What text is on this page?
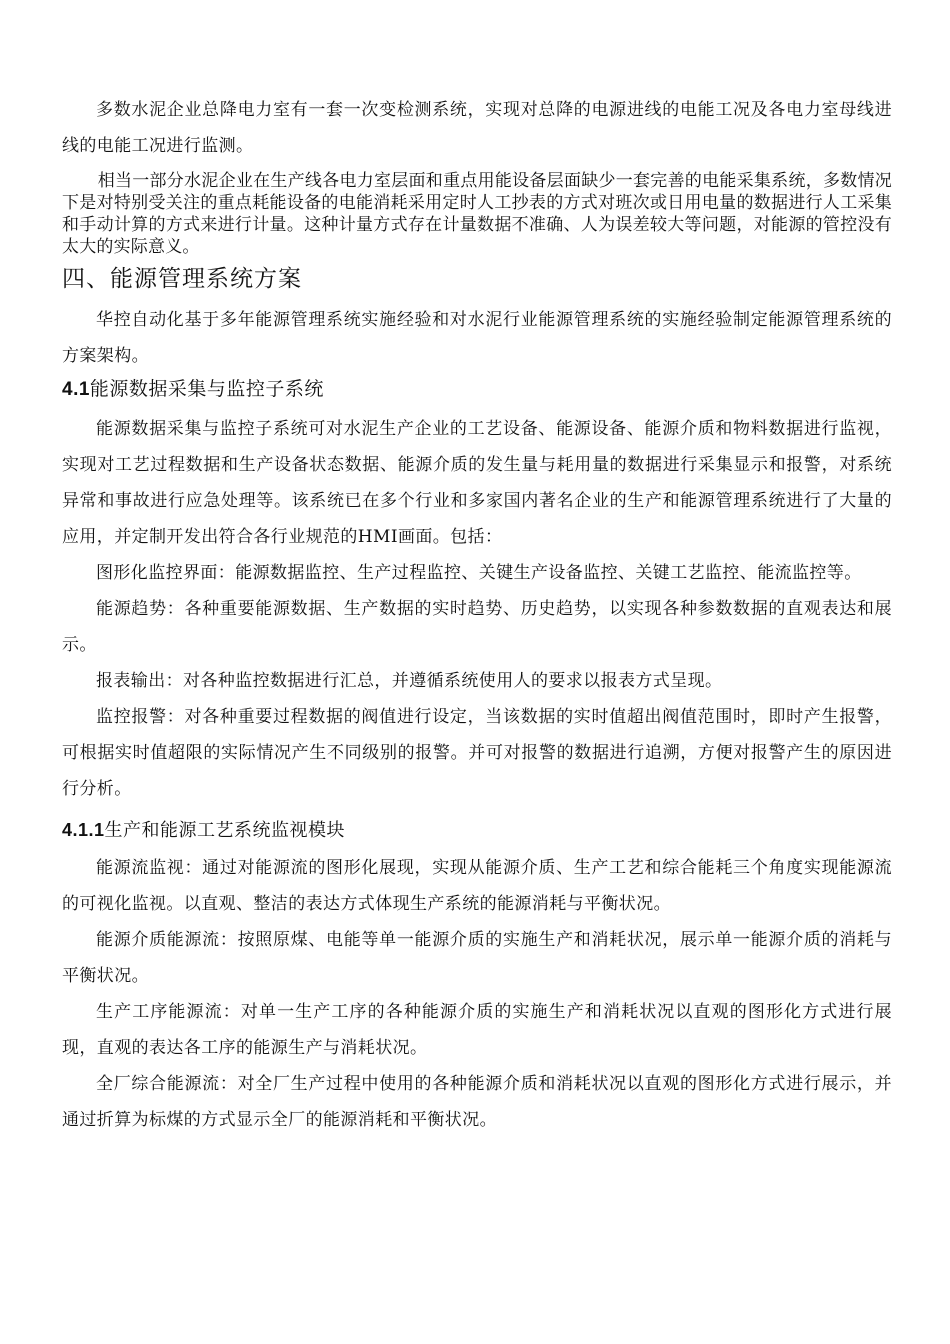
多数水泥企业总降电力室有一套一次变检测系统，实现对总降的电源进线的电能工况及各电力室母线进线的电能工况进行监测。

相当一部分水泥企业在生产线各电力室层面和重点用能设备层面缺少一套完善的电能采集系统，多数情况下是对特别受关注的重点耗能设备的电能消耗采用定时人工抄表的方式对班次或日用电量的数据进行人工采集和手动计算的方式来进行计量。这种计量方式存在计量数据不准确、人为误差较大等问题，对能源的管控没有太大的实际意义。

四、能源管理系统方案

华控自动化基于多年能源管理系统实施经验和对水泥行业能源管理系统的实施经验制定能源管理系统的方案架构。

4.1能源数据采集与监控子系统

能源数据采集与监控子系统可对水泥生产企业的工艺设备、能源设备、能源介质和物料数据进行监视，实现对工艺过程数据和生产设备状态数据、能源介质的发生量与耗用量的数据进行采集显示和报警，对系统异常和事故进行应急处理等。该系统已在多个行业和多家国内著名企业的生产和能源管理系统进行了大量的应用，并定制开发出符合各行业规范的HMI画面。包括：

图形化监控界面：能源数据监控、生产过程监控、关键生产设备监控、关键工艺监控、能流监控等。

能源趋势：各种重要能源数据、生产数据的实时趋势、历史趋势，以实现各种参数数据的直观表达和展示。

报表输出：对各种监控数据进行汇总，并遵循系统使用人的要求以报表方式呈现。

监控报警：对各种重要过程数据的阀值进行设定，当该数据的实时值超出阀值范围时，即时产生报警，可根据实时值超限的实际情况产生不同级别的报警。并可对报警的数据进行追溯，方便对报警产生的原因进行分析。

4.1.1生产和能源工艺系统监视模块

能源流监视：通过对能源流的图形化展现，实现从能源介质、生产工艺和综合能耗三个角度实现能源流的可视化监视。以直观、整洁的表达方式体现生产系统的能源消耗与平衡状况。

能源介质能源流：按照原煤、电能等单一能源介质的实施生产和消耗状况，展示单一能源介质的消耗与平衡状况。

生产工序能源流：对单一生产工序的各种能源介质的实施生产和消耗状况以直观的图形化方式进行展现，直观的表达各工序的能源生产与消耗状况。

全厂综合能源流：对全厂生产过程中使用的各种能源介质和消耗状况以直观的图形化方式进行展示，并通过折算为标煤的方式显示全厂的能源消耗和平衡状况。
